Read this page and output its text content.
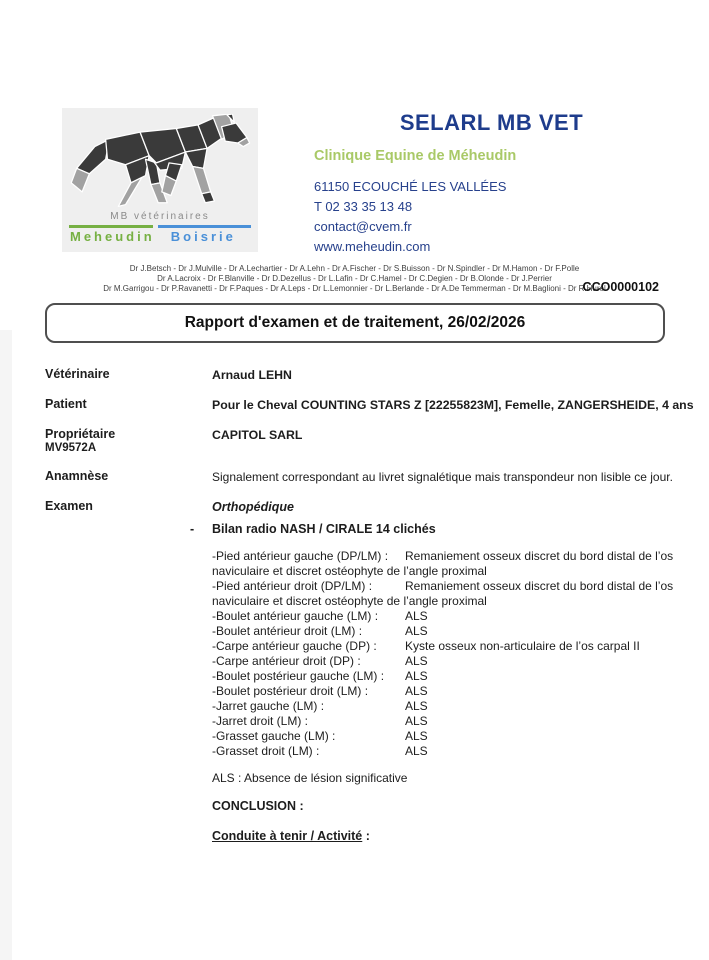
MB vétérinaires
Meheudin	Boisrie
SELARL MB VET
Clinique Equine de Méheudin
61150 ECOUCHÉ LES VALLÉES
T 02 33 35 13 48
contact@cvem.fr
www.meheudin.com
Dr J.Betsch - Dr J.Mulville - Dr A.Lechartier - Dr A.Lehn - Dr A.Fischer - Dr S.Buisson - Dr N.Spindler - Dr M.Hamon - Dr F.Polle
Dr A.Lacroix - Dr F.Blanville - Dr D.Dezellus - Dr L.Lafin - Dr C.Hamel - Dr C.Degien - Dr B.Olonde - Dr J.Perrier
Dr M.Garrigou - Dr P.Ravanetti - Dr F.Paques - Dr A.Leps - Dr L.Lemonnier - Dr L.Berlande - Dr A.De Temmerman - Dr M.Baglioni - Dr R.Hurel
CCO0000102
Rapport d'examen et de traitement, 26/02/2026
Vétérinaire	Arnaud LEHN
Patient	Pour le Cheval COUNTING STARS Z [22255823M], Femelle, ZANGERSHEIDE, 4 ans
Propriétaire
MV9572A
CAPITOL SARL
Anamnèse	Signalement correspondant au livret signalétique mais transpondeur non lisible ce jour.
Examen	Orthopédique
-	Bilan radio NASH / CIRALE 14 clichés
-Pied antérieur gauche (DP/LM) : Remaniement osseux discret du bord distal de l’os naviculaire et discret ostéophyte de l’angle proximal
-Pied antérieur droit (DP/LM) :	Remaniement osseux discret du bord distal de l’os naviculaire et discret ostéophyte de l’angle proximal
-Boulet antérieur gauche (LM) : ALS
-Boulet antérieur droit (LM) :	ALS
-Carpe antérieur gauche (DP) : Kyste osseux non-articulaire de l’os carpal II
-Carpe antérieur droit (DP) :	ALS
-Boulet postérieur gauche (LM) : ALS
-Boulet postérieur droit (LM) :	ALS
-Jarret gauche (LM) :	ALS
-Jarret droit (LM) :	ALS
-Grasset gauche (LM) :	ALS
-Grasset droit (LM) :	ALS
ALS : Absence de lésion significative
CONCLUSION :
Conduite à tenir / Activité :
